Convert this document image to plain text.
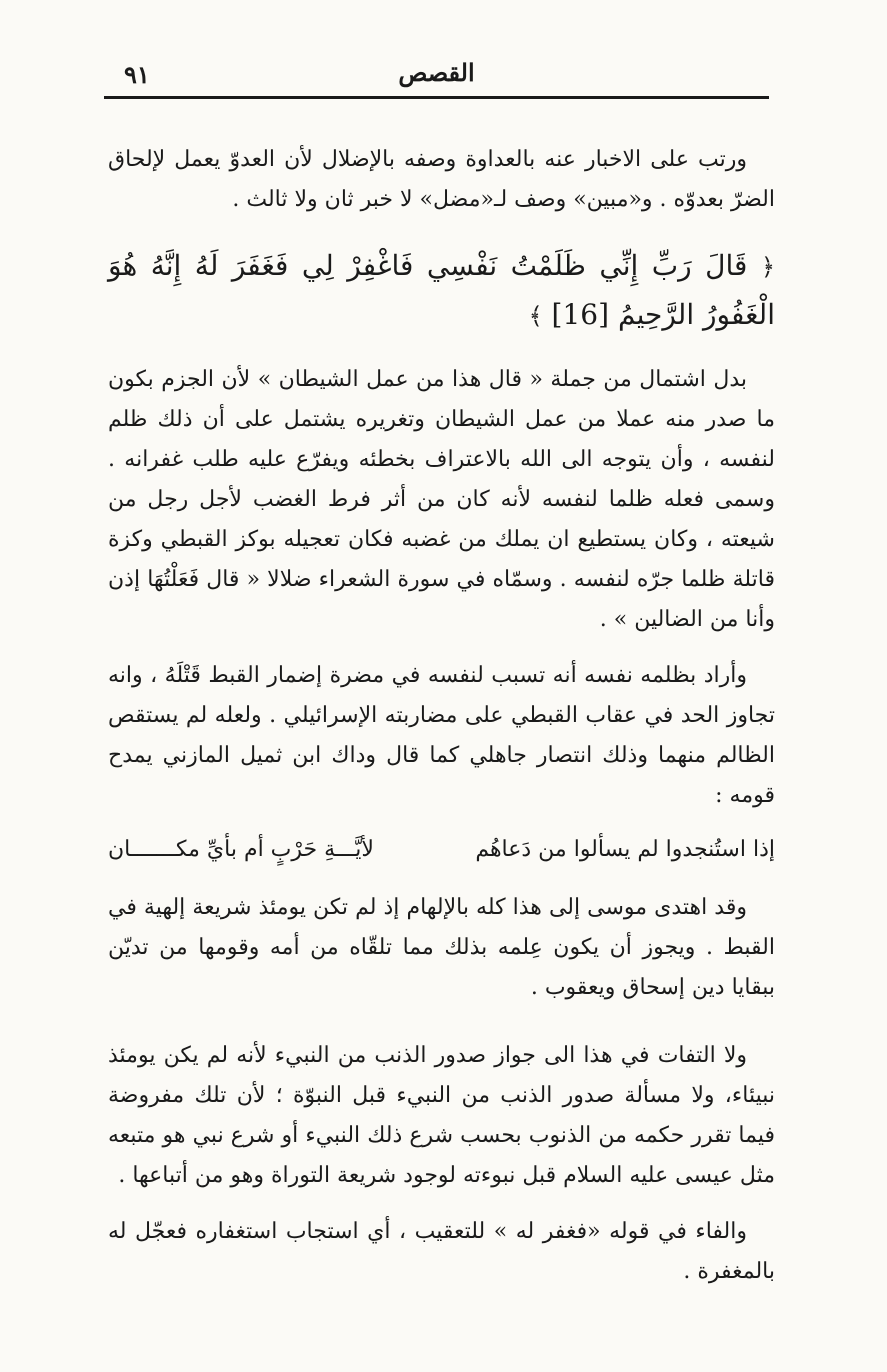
٩١	القصص

ورتب على الاخبار عنه بالعداوة وصفه بالإضلال لأن العدوّ يعمل لإلحاق الضرّ بعدوّه . و«مبين» وصف لـ«مضل» لا خبر ثان ولا ثالث .

﴿ قَالَ رَبِّ إِنِّي ظَلَمْتُ نَفْسِي فَاغْفِرْ لِي فَغَفَرَ لَهُ إِنَّهُ هُوَ الْغَفُورُ الرَّحِيمُ [16] ﴾

بدل اشتمال من جملة « قال هذا من عمل الشيطان » لأن الجزم بكون ما صدر منه عملا من عمل الشيطان وتغريره يشتمل على أن ذلك ظلم لنفسه ، وأن يتوجه الى الله بالاعتراف بخطئه ويفرّع عليه طلب غفرانه . وسمى فعله ظلما لنفسه لأنه كان من أثر فرط الغضب لأجل رجل من شيعته ، وكان يستطيع ان يملك من غضبه فكان تعجيله بوكز القبطي وكزة قاتلة ظلما جرّه لنفسه . وسمّاه في سورة الشعراء ضلالا « قال فَعَلْتُهَا إذن وأنا من الضالين » .

وأراد بظلمه نفسه أنه تسبب لنفسه في مضرة إضمار القبط قَتْلَهُ ، وانه تجاوز الحد في عقاب القبطي على مضاربته الإسرائيلي . ولعله لم يستقص الظالم منهما وذلك انتصار جاهلي كما قال وداك ابن ثميل المازني يمدح قومه :

إذا استُنجدوا لم يسألوا من دَعاهُم
لأيَّـــةِ حَرْبٍ أم بأيِّ مكـــــــان

وقد اهتدى موسى إلى هذا كله بالإلهام إذ لم تكن يومئذ شريعة إلهية في القبط . ويجوز أن يكون عِلمه بذلك مما تلقّاه من أمه وقومها من تديّن ببقايا دين إسحاق ويعقوب .

ولا التفات في هذا الى جواز صدور الذنب من النبيء لأنه لم يكن يومئذ نبيئاء، ولا مسألة صدور الذنب من النبيء قبل النبوّة ؛ لأن تلك مفروضة فيما تقرر حكمه من الذنوب بحسب شرع ذلك النبيء أو شرع نبي هو متبعه مثل عيسى عليه السلام قبل نبوءته لوجود شريعة التوراة وهو من أتباعها .

والفاء في قوله «فغفر له » للتعقيب ، أي استجاب استغفاره فعجّل له بالمغفرة .
